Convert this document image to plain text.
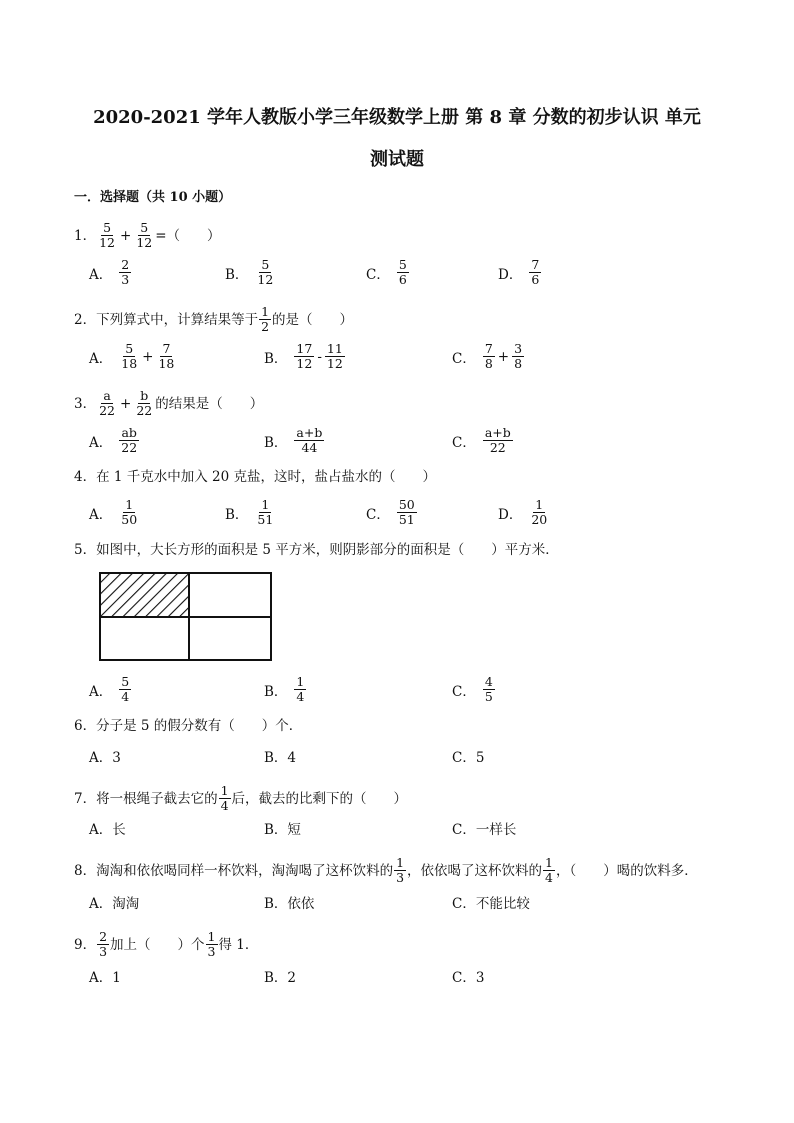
2020-2021 学年人教版小学三年级数学上册 第 8 章 分数的初步认识 单元
测试题
一．选择题（共 10 小题）
1． $\frac{5}{12} + \frac{5}{12}$ =（　　）
A． $\frac{2}{3}$	B． $\frac{5}{12}$	C． $\frac{5}{6}$	D． $\frac{7}{6}$
2． 下列算式中，计算结果等于 $\frac{1}{2}$ 的是（　　）
A． $\frac{5}{18} + \frac{7}{18}$	B． $\frac{17}{12} - \frac{11}{12}$	C． $\frac{7}{8} + \frac{3}{8}$
3． $\frac{a}{22} + \frac{b}{22}$ 的结果是（　　）
A． $\frac{ab}{22}$	B． $\frac{a+b}{44}$	C． $\frac{a+b}{22}$
4．在 1 千克水中加入 20 克盐，这时，盐占盐水的（　　）
A． $\frac{1}{50}$	B． $\frac{1}{51}$	C． $\frac{50}{51}$	D． $\frac{1}{20}$
5．如图中，大长方形的面积是 5 平方米，则阴影部分的面积是（　　）平方米．
A． $\frac{5}{4}$	B． $\frac{1}{4}$	C． $\frac{4}{5}$
6．分子是 5 的假分数有（　　）个．
A．3	B．4	C．5
7． 将一根绳子截去它的 $\frac{1}{4}$ 后，截去的比剩下的（　　）
A．长	B．短	C．一样长
8． 淘淘和依依喝同样一杯饮料，淘淘喝了这杯饮料的 $\frac{1}{3}$ ，依依喝了这杯饮料的 $\frac{1}{4}$ ，（　　）喝的饮料多．
A．淘淘	B．依依	C．不能比较
9． $\frac{2}{3}$ 加上（　　）个 $\frac{1}{3}$ 得 1．
A．1	B．2	C．3
